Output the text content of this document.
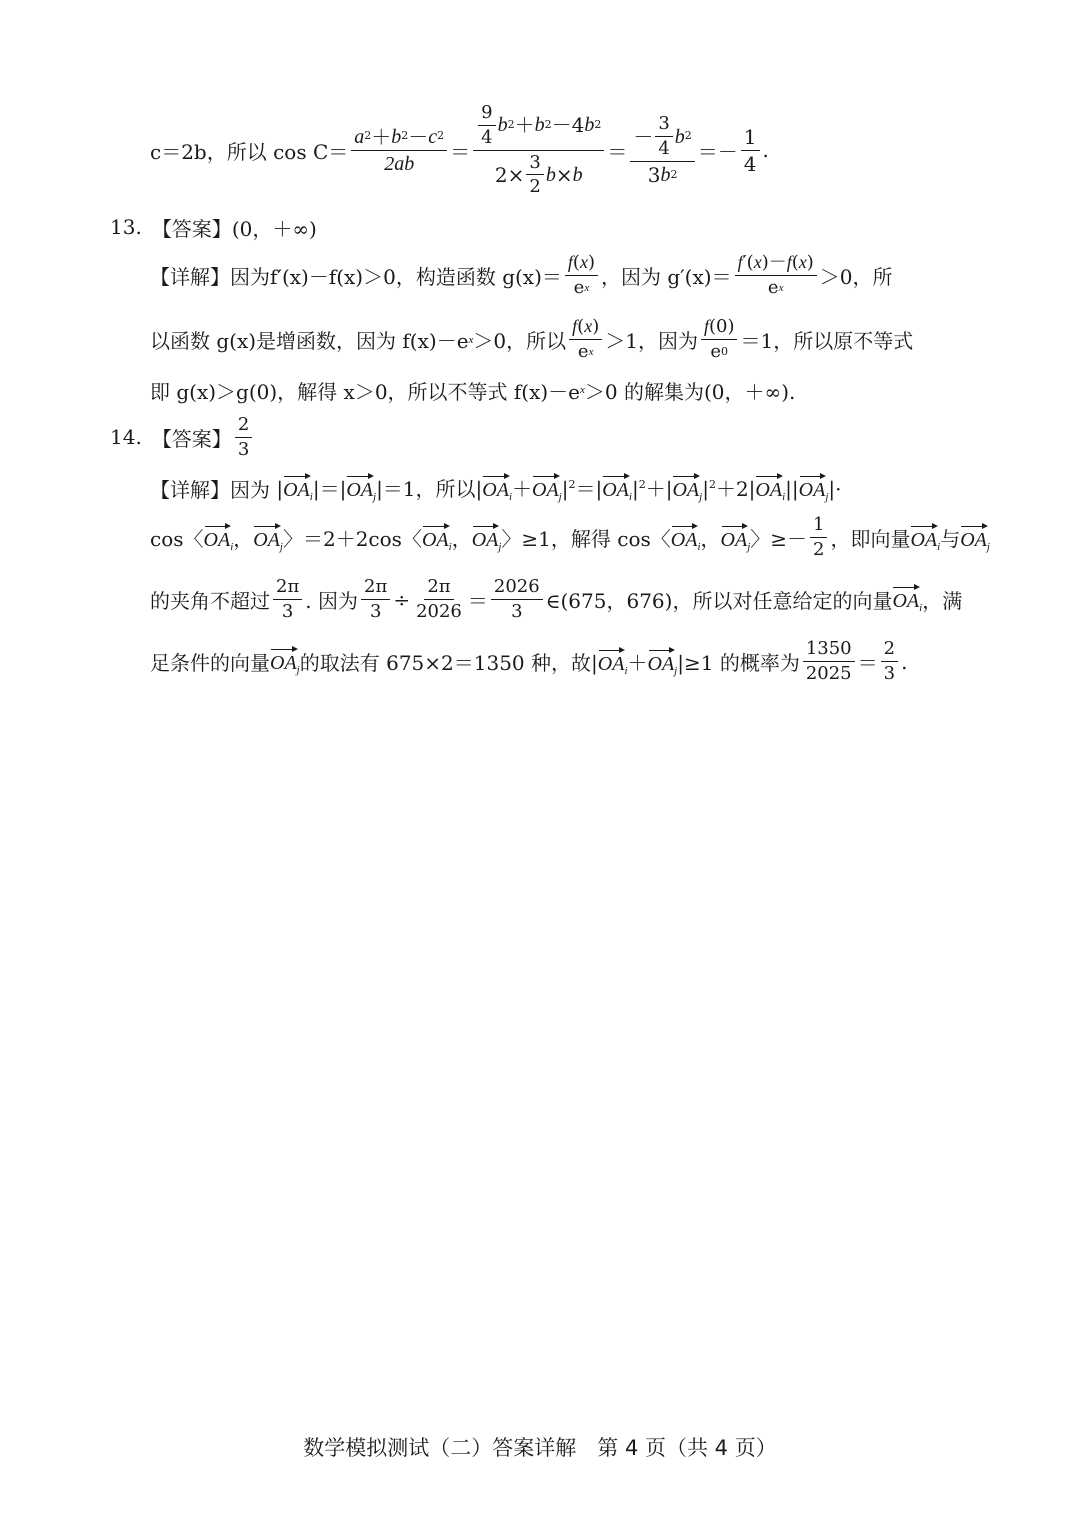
c＝2b，所以 $\cos C= \frac{a 2 + b 2 - c 2}{2ab} = \frac{\frac{9}{4} b 2 + b 2 -4 b 2}{2\times \frac{3}{2} b \times b} = \frac{- \frac{3}{4} b 2}{3 b 2} =- \frac{1}{4}$ .
13. 【答案】 (0，＋∞)
【详解】 因为f′(x)－f(x)＞0，构造函数 $g(x)= \frac{f ( x )}{\text{e x}}$ ，因为 $g'(x)= \frac{f '( x )- f ( x )}{\text{e x}} >0$，所
以函数 g(x)是增函数，因为 f(x)－e x ＞0，所以 $\frac{f ( x )}{\text{e x}} >1$，因为 $\frac{f (0)}{e 0} =1$，所以原不等式
即 g(x)＞g(0)，解得 x＞0，所以不等式 f(x)－e x ＞0 的解集为(0，＋∞).
14. 【答案】 $\frac{2}{3}$
【详解】 因为 $|OA_i|=|OA_j|=1$，所以$|OA_i+OA_j|^2=|OA_i|^2+|OA_j|^2+2|OA_i||OA_j|\cdot$
cos〈$OA_i$，$OA_j$〉＝2＋2cos〈$OA_i$，$OA_j$〉≥1，解得 cos〈$OA_i$，$OA_j$〉≥－ $\frac{1}{2}$ ，即向量 $OA_i$与$OA_j$
的夹角不超过 $\frac{2\pi}{3}$ . 因为 $\frac{2\pi}{3} \div \frac{2\pi}{2026} = \frac{2026}{3}$ ∈(675，676)，所以对任意给定的向量 $OA_i$ ，满
足条件的向量 $OA_j$ 的取法有 675×2＝1350 种，故 $|OA_i+OA_j| \ge 1$ 的概率为 $\frac{1350}{2025} = \frac{2}{3}$ .
数学模拟测试（二）答案详解　第 4 页（共 4 页）
